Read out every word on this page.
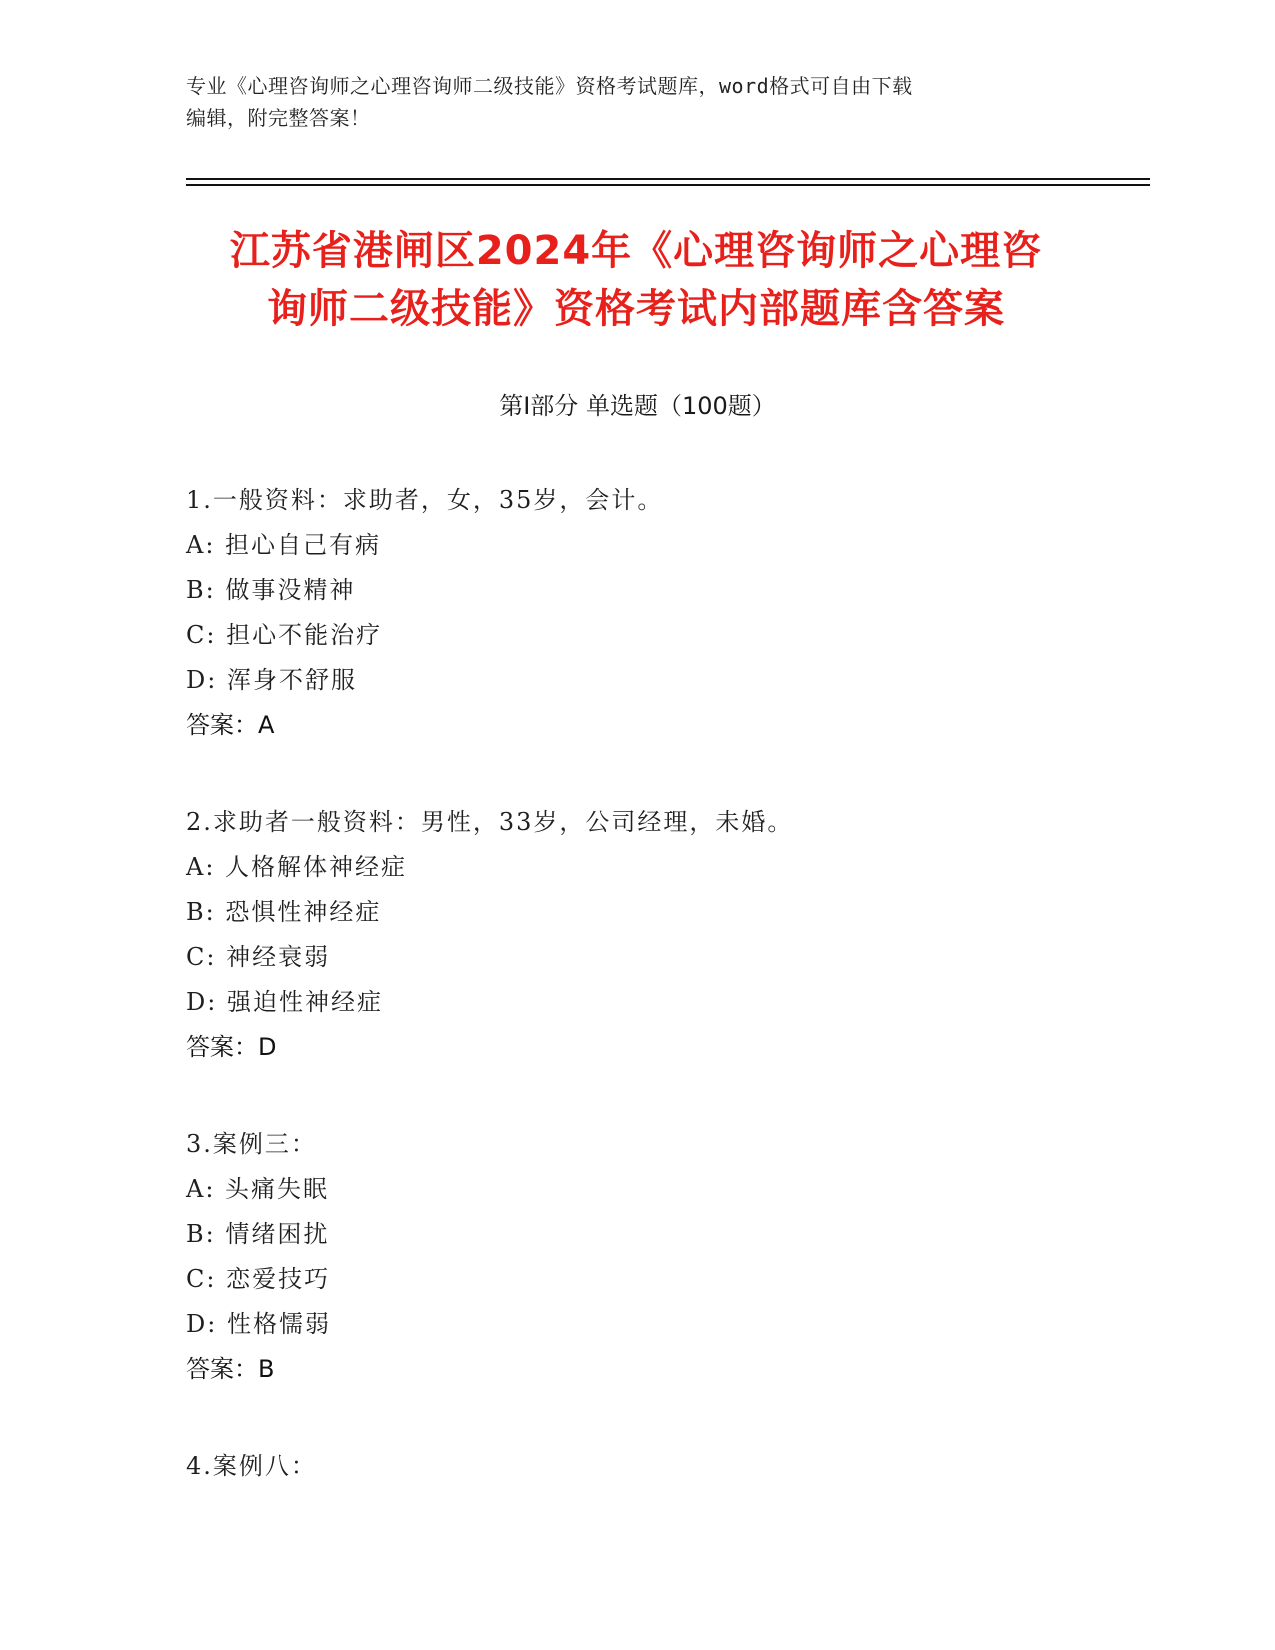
专业《心理咨询师之心理咨询师二级技能》资格考试题库，word格式可自由下载
编辑，附完整答案！
江苏省港闸区2024年《心理咨询师之心理咨
询师二级技能》资格考试内部题库含答案
第Ⅰ部分 单选题（100题）
1.一般资料：求助者，女，35岁，会计。
A: 担心自己有病
B: 做事没精神
C: 担心不能治疗
D: 浑身不舒服
答案：A
2.求助者一般资料：男性，33岁，公司经理，未婚。
A: 人格解体神经症
B: 恐惧性神经症
C: 神经衰弱
D: 强迫性神经症
答案：D
3.案例三：
A: 头痛失眠
B: 情绪困扰
C: 恋爱技巧
D: 性格懦弱
答案：B
4.案例八：
